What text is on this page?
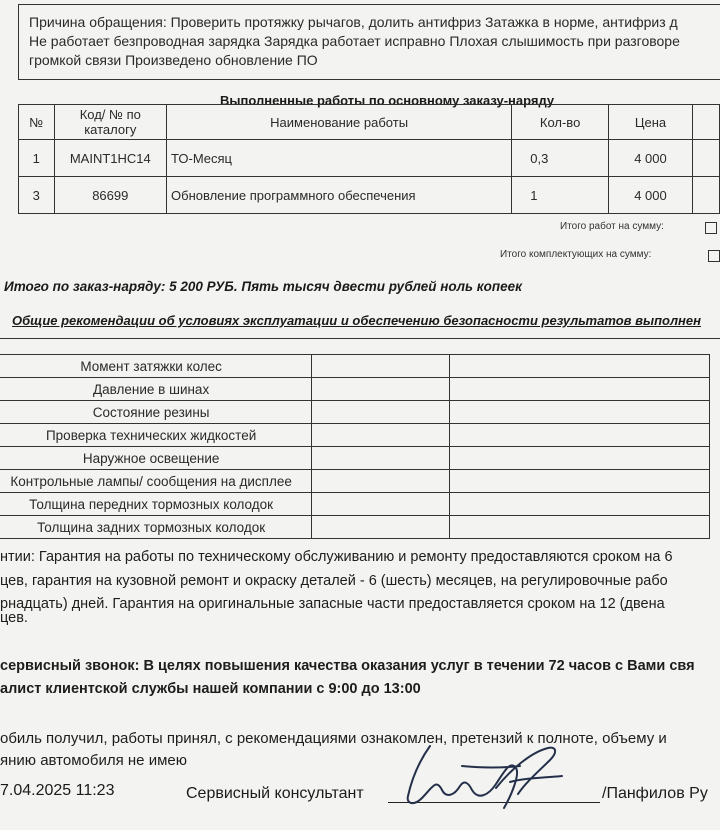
Причина обращения: Проверить протяжку рычагов, долить антифриз Затажка в норме, антифриз д
Не работает безпроводная зарядка Зарядка работает исправно Плохая слышимость при разговоре
громкой связи Произведено обновление ПО
Выполненные работы по основному заказу-наряду
№	Код/ № по каталогу	Наименование работы	Кол-во	Цена	
1	MAINT1HC14	ТО-Месяц	0,3	4 000	
3	86699	Обновление программного обеспечения	1	4 000	
Итого работ на сумму:
Итого комплектующих на сумму:
Итого по заказ-наряду: 5 200 РУБ. Пять тысяч двести рублей ноль копеек
Общие рекомендации об условиях эксплуатации и обеспечению безопасности результатов выполнен
Момент затяжки колес		
Давление в шинах		
Состояние резины		
Проверка технических жидкостей		
Наружное освещение		
Контрольные лампы/ сообщения на дисплее		
Толщина передних тормозных колодок		
Толщина задних тормозных колодок		
нтии: Гарантия на работы по техническому обслуживанию и ремонту предоставляются сроком на 6
цев, гарантия на кузовной ремонт и окраску деталей - 6 (шесть) месяцев, на регулировочные рабо
рнадцать) дней. Гарантия на оригинальные запасные части предоставляется сроком на 12 (двена
цев.
сервисный звонок: В целях повышения качества оказания услуг в течении 72 часов с Вами свя
алист клиентской службы нашей компании с 9:00 до 13:00
обиль получил, работы принял, с рекомендациями ознакомлен, претензий к полноте, объему и
янию автомобиля не имею
7.04.2025 11:23	Сервисный консультант	/Панфилов Ру
